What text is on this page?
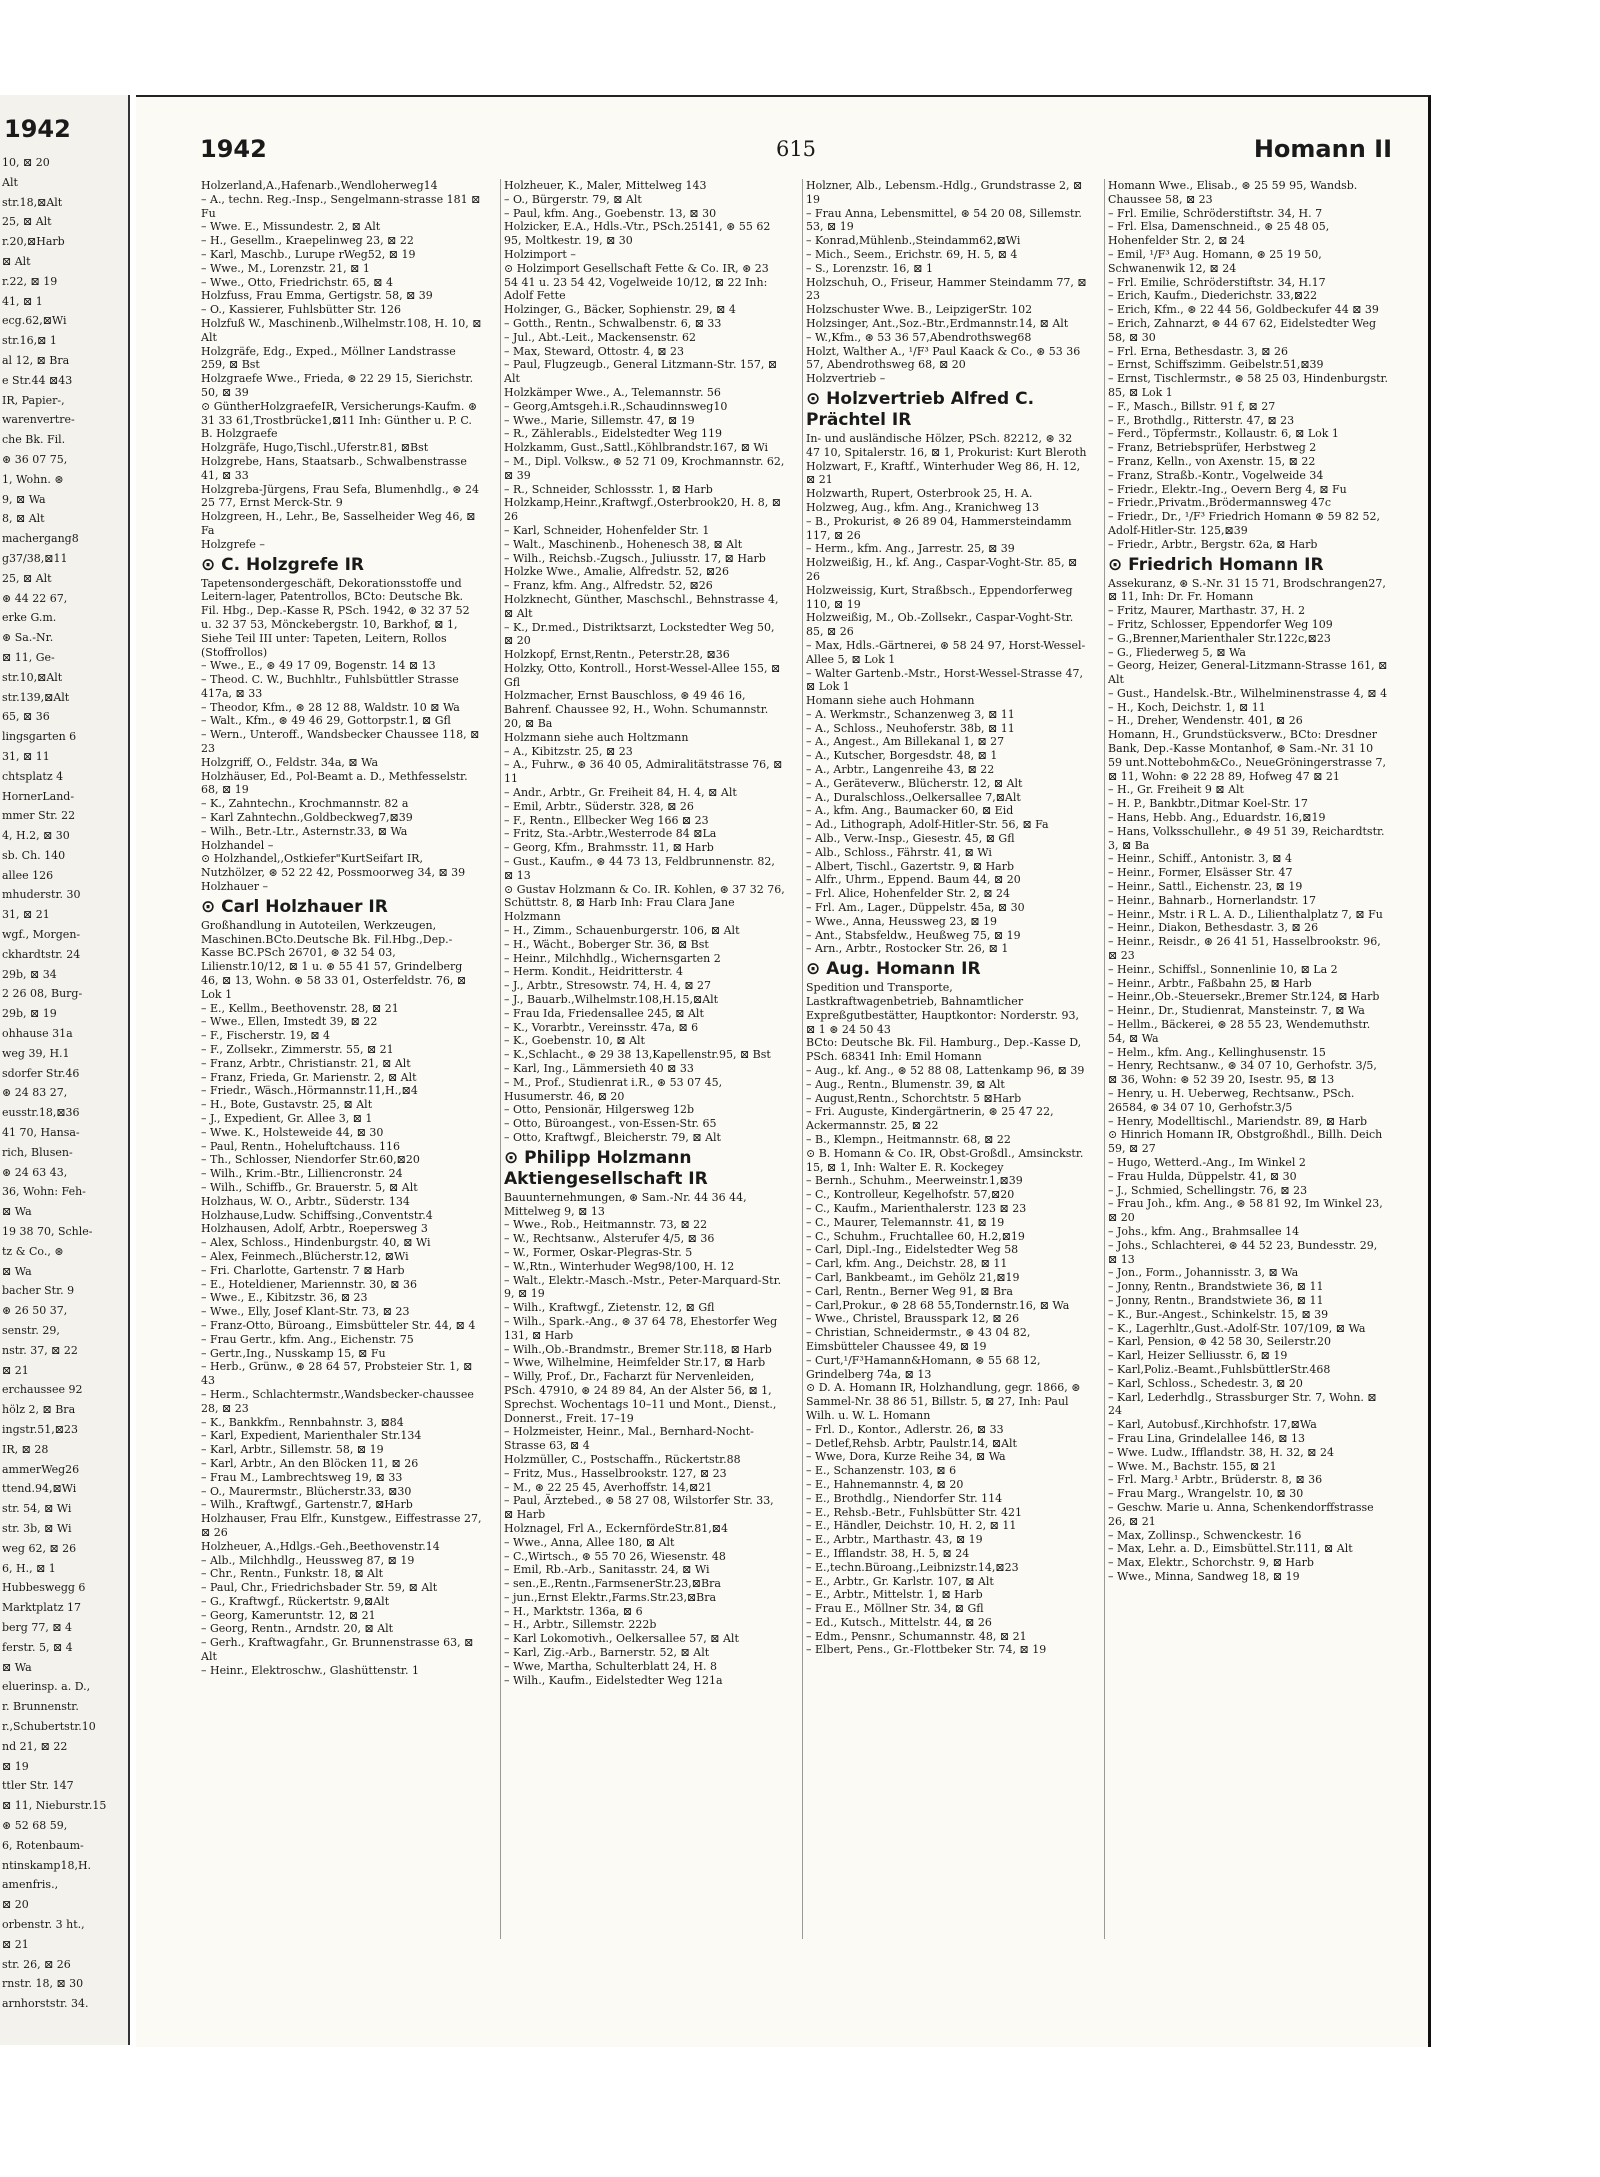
1942
10, ⊠ 20
Alt
str.18,⊠Alt
25, ⊠ Alt
r.20,⊠Harb
⊠ Alt
r.22, ⊠ 19
41, ⊠ 1
ecg.62,⊠Wi
str.16,⊠ 1
al 12, ⊠ Bra
e Str.44 ⊠43
IR, Papier-,
warenvertre-
che Bk. Fil.
⊛ 36 07 75,
1, Wohn. ⊛
9, ⊠ Wa
8, ⊠ Alt
machergang8
g37/38,⊠11
25, ⊠ Alt
⊛ 44 22 67,
erke G.m.
⊛ Sa.-Nr.
⊠ 11, Ge-
str.10,⊠Alt
str.139,⊠Alt
65, ⊠ 36
lingsgarten 6
31, ⊠ 11
chtsplatz 4
HornerLand-
mmer Str. 22
4, H.2, ⊠ 30
sb. Ch. 140
allee 126
mhuderstr. 30
31, ⊠ 21
wgf., Morgen-
ckhardtstr. 24
29b, ⊠ 34
2 26 08, Burg-
29b, ⊠ 19
ohhause 31a
weg 39, H.1
sdorfer Str.46
⊛ 24 83 27,
eusstr.18,⊠36
41 70, Hansa-
rich, Blusen-
⊛ 24 63 43,
36, Wohn: Feh-
⊠ Wa
19 38 70, Schle-
tz & Co., ⊛
⊠ Wa
bacher Str. 9
⊛ 26 50 37,
senstr. 29,
nstr. 37, ⊠ 22
⊠ 21
erchaussee 92
hölz 2, ⊠ Bra
ingstr.51,⊠23
IR, ⊠ 28
ammerWeg26
ttend.94,⊠Wi
str. 54, ⊠ Wi
str. 3b, ⊠ Wi
weg 62, ⊠ 26
6, H., ⊠ 1
Hubbeswegg 6
Marktplatz 17
berg 77, ⊠ 4
ferstr. 5, ⊠ 4
⊠ Wa
eluerinsp. a. D.,
r. Brunnenstr.
r.,Schubertstr.10
nd 21, ⊠ 22
⊠ 19
ttler Str. 147
⊠ 11, Nieburstr.15
⊛ 52 68 59,
6, Rotenbaum-
ntinskamp18,H.
amenfris.,
⊠ 20
orbenstr. 3 ht.,
⊠ 21
str. 26, ⊠ 26
rnstr. 18, ⊠ 30
arnhorststr. 34.
1942	615	Homann II
Holzerland,A.,Hafenarb.,Wendloherweg14
– A., techn. Reg.-Insp., Sengelmann-strasse 181 ⊠ Fu
– Wwe. E., Missundestr. 2, ⊠ Alt
– H., Gesellm., Kraepelinweg 23, ⊠ 22
– Karl, Maschb., Lurupe rWeg52, ⊠ 19
– Wwe., M., Lorenzstr. 21, ⊠ 1
– Wwe., Otto, Friedrichstr. 65, ⊠ 4
Holzfuss, Frau Emma, Gertigstr. 58, ⊠ 39
– O., Kassierer, Fuhlsbütter Str. 126
Holzfuß W., Maschinenb.,Wilhelmstr.108, H. 10, ⊠ Alt
Holzgräfe, Edg., Exped., Möllner Landstrasse 259, ⊠ Bst
Holzgraefe Wwe., Frieda, ⊛ 22 29 15, Sierichstr. 50, ⊠ 39
⊙ GüntherHolzgraefeIR, Versicherungs-Kaufm. ⊛ 31 33 61,Trostbrücke1,⊠11 Inh: Günther u. P. C. B. Holzgraefe
Holzgräfe, Hugo,Tischl.,Uferstr.81, ⊠Bst
Holzgrebe, Hans, Staatsarb., Schwalbenstrasse 41, ⊠ 33
Holzgreba-Jürgens, Frau Sefa, Blumenhdlg., ⊛ 24 25 77, Ernst Merck-Str. 9
Holzgreen, H., Lehr., Be, Sasselheider Weg 46, ⊠ Fa
Holzgrefe –
⊙ C. Holzgrefe IR
Tapetensondergeschäft, Dekorationsstoffe und Leitern-lager, Patentrollos, BCto: Deutsche Bk. Fil. Hbg., Dep.-Kasse R, PSch. 1942, ⊛ 32 37 52 u. 32 37 53, Mönckebergstr. 10, Barkhof, ⊠ 1, Siehe Teil III unter: Tapeten, Leitern, Rollos (Stoffrollos)
– Wwe., E., ⊛ 49 17 09, Bogenstr. 14 ⊠ 13
– Theod. C. W., Buchhltr., Fuhlsbüttler Strasse 417a, ⊠ 33
– Theodor, Kfm., ⊛ 28 12 88, Waldstr. 10 ⊠ Wa
– Walt., Kfm., ⊛ 49 46 29, Gottorpstr.1, ⊠ Gfl
– Wern., Unteroff., Wandsbecker Chaussee 118, ⊠ 23
Holzgriff, O., Feldstr. 34a, ⊠ Wa
Holzhäuser, Ed., Pol-Beamt a. D., Methfesselstr. 68, ⊠ 19
– K., Zahntechn., Krochmannstr. 82 a
– Karl Zahntechn.,Goldbeckweg7,⊠39
– Wilh., Betr.-Ltr., Asternstr.33, ⊠ Wa
Holzhandel –
⊙ Holzhandel,,Ostkiefer"KurtSeifart IR, Nutzhölzer, ⊛ 52 22 42, Possmoorweg 34, ⊠ 39
Holzhauer –
⊙ Carl Holzhauer IR
Großhandlung in Autoteilen, Werkzeugen, Maschinen.BCto.Deutsche Bk. Fil.Hbg.,Dep.-Kasse BC.PSch 26701, ⊛ 32 54 03, Lilienstr.10/12, ⊠ 1 u. ⊛ 55 41 57, Grindelberg 46, ⊠ 13, Wohn. ⊛ 58 33 01, Osterfeldstr. 76, ⊠ Lok 1
– E., Kellm., Beethovenstr. 28, ⊠ 21
– Wwe., Ellen, Imstedt 39, ⊠ 22
– F., Fischerstr. 19, ⊠ 4
– F., Zollsekr., Zimmerstr. 55, ⊠ 21
– Franz, Arbtr., Christianstr. 21, ⊠ Alt
– Franz, Frieda, Gr. Marienstr. 2, ⊠ Alt
– Friedr., Wäsch.,Hörmannstr.11,H.,⊠4
– H., Bote, Gustavstr. 25, ⊠ Alt
– J., Expedient, Gr. Allee 3, ⊠ 1
– Wwe. K., Holsteweide 44, ⊠ 30
– Paul, Rentn., Hoheluftchauss. 116
– Th., Schlosser, Niendorfer Str.60,⊠20
– Wilh., Krim.-Btr., Lilliencronstr. 24
– Wilh., Schiffb., Gr. Brauerstr. 5, ⊠ Alt
Holzhaus, W. O., Arbtr., Süderstr. 134
Holzhause,Ludw. Schiffsing.,Conventstr.4
Holzhausen, Adolf, Arbtr., Roepersweg 3
– Alex, Schloss., Hindenburgstr. 40, ⊠ Wi
– Alex, Feinmech.,Blücherstr.12, ⊠Wi
– Fri. Charlotte, Gartenstr. 7 ⊠ Harb
– E., Hoteldiener, Mariennstr. 30, ⊠ 36
– Wwe., E., Kibitzstr. 36, ⊠ 23
– Wwe., Elly, Josef Klant-Str. 73, ⊠ 23
– Franz-Otto, Büroang., Eimsbütteler Str. 44, ⊠ 4
– Frau Gertr., kfm. Ang., Eichenstr. 75
– Gertr.,Ing., Nusskamp 15, ⊠ Fu
– Herb., Grünw., ⊛ 28 64 57, Probsteier Str. 1, ⊠ 43
– Herm., Schlachtermstr.,Wandsbecker-chaussee 28, ⊠ 23
– K., Bankkfm., Rennbahnstr. 3, ⊠84
– Karl, Expedient, Marienthaler Str.134
– Karl, Arbtr., Sillemstr. 58, ⊠ 19
– Karl, Arbtr., An den Blöcken 11, ⊠ 26
– Frau M., Lambrechtsweg 19, ⊠ 33
– O., Maurermstr., Blücherstr.33, ⊠30
– Wilh., Kraftwgf., Gartenstr.7, ⊠Harb
Holzhauser, Frau Elfr., Kunstgew., Eiffestrasse 27, ⊠ 26
Holzheuer, A.,Hdlgs.-Geh.,Beethovenstr.14
– Alb., Milchhdlg., Heussweg 87, ⊠ 19
– Chr., Rentn., Funkstr. 18, ⊠ Alt
– Paul, Chr., Friedrichsbader Str. 59, ⊠ Alt
– G., Kraftwgf., Rückertstr. 9,⊠Alt
– Georg, Kameruntstr. 12, ⊠ 21
– Georg, Rentn., Arndstr. 20, ⊠ Alt
– Gerh., Kraftwagfahr., Gr. Brunnenstrasse 63, ⊠ Alt
– Heinr., Elektroschw., Glashüttenstr. 1
Holzheuer, K., Maler, Mittelweg 143
– O., Bürgerstr. 79, ⊠ Alt
– Paul, kfm. Ang., Goebenstr. 13, ⊠ 30
Holzicker, E.A., Hdls.-Vtr., PSch.25141, ⊛ 55 62 95, Moltkestr. 19, ⊠ 30
Holzimport –
⊙ Holzimport Gesellschaft Fette & Co. IR, ⊛ 23 54 41 u. 23 54 42, Vogelweide 10/12, ⊠ 22 Inh: Adolf Fette
Holzinger, G., Bäcker, Sophienstr. 29, ⊠ 4
– Gotth., Rentn., Schwalbenstr. 6, ⊠ 33
– Jul., Abt.-Leit., Mackensenstr. 62
– Max, Steward, Ottostr. 4, ⊠ 23
– Paul, Flugzeugb., General Litzmann-Str. 157, ⊠ Alt
Holzkämper Wwe., A., Telemannstr. 56
– Georg,Amtsgeh.i.R.,Schaudinnsweg10
– Wwe., Marie, Sillemstr. 47, ⊠ 19
– R., Zählerabls., Eidelstedter Weg 119
Holzkamm, Gust.,Sattl.,Köhlbrandstr.167, ⊠ Wi
– M., Dipl. Volksw., ⊛ 52 71 09, Krochmannstr. 62, ⊠ 39
– R., Schneider, Schlossstr. 1, ⊠ Harb
Holzkamp,Heinr.,Kraftwgf.,Osterbrook20, H. 8, ⊠ 26
– Karl, Schneider, Hohenfelder Str. 1
– Walt., Maschinenb., Hohenesch 38, ⊠ Alt
– Wilh., Reichsb.-Zugsch., Juliusstr. 17, ⊠ Harb
Holzke Wwe., Amalie, Alfredstr. 52, ⊠26
– Franz, kfm. Ang., Alfredstr. 52, ⊠26
Holzknecht, Günther, Maschschl., Behnstrasse 4, ⊠ Alt
– K., Dr.med., Distriktsarzt, Lockstedter Weg 50, ⊠ 20
Holzkopf, Ernst,Rentn., Peterstr.28, ⊠36
Holzky, Otto, Kontroll., Horst-Wessel-Allee 155, ⊠ Gfl
Holzmacher, Ernst Bauschloss, ⊛ 49 46 16, Bahrenf. Chaussee 92, H., Wohn. Schumannstr. 20, ⊠ Ba
Holzmann siehe auch Holtzmann
– A., Kibitzstr. 25, ⊠ 23
– A., Fuhrw., ⊛ 36 40 05, Admiralitätstrasse 76, ⊠ 11
– Andr., Arbtr., Gr. Freiheit 84, H. 4, ⊠ Alt
– Emil, Arbtr., Süderstr. 328, ⊠ 26
– F., Rentn., Ellbecker Weg 166 ⊠ 23
– Fritz, Sta.-Arbtr.,Westerrode 84 ⊠La
– Georg, Kfm., Brahmsstr. 11, ⊠ Harb
– Gust., Kaufm., ⊛ 44 73 13, Feldbrunnenstr. 82, ⊠ 13
⊙ Gustav Holzmann & Co. IR. Kohlen, ⊛ 37 32 76, Schüttstr. 8, ⊠ Harb Inh: Frau Clara Jane Holzmann
– H., Zimm., Schauenburgerstr. 106, ⊠ Alt
– H., Wächt., Boberger Str. 36, ⊠ Bst
– Heinr., Milchhdlg., Wichernsgarten 2
– Herm. Kondit., Heidritterstr. 4
– J., Arbtr., Stresowstr. 74, H. 4, ⊠ 27
– J., Bauarb.,Wilhelmstr.108,H.15,⊠Alt
– Frau Ida, Friedensallee 245, ⊠ Alt
– K., Vorarbtr., Vereinsstr. 47a, ⊠ 6
– K., Goebenstr. 10, ⊠ Alt
– K.,Schlacht., ⊛ 29 38 13,Kapellenstr.95, ⊠ Bst
– Karl, Ing., Lämmersieth 40 ⊠ 33
– M., Prof., Studienrat i.R., ⊛ 53 07 45, Husumerstr. 46, ⊠ 20
– Otto, Pensionär, Hilgersweg 12b
– Otto, Büroangest., von-Essen-Str. 65
– Otto, Kraftwgf., Bleicherstr. 79, ⊠ Alt
⊙ Philipp Holzmann Aktiengesellschaft IR
Bauunternehmungen, ⊛ Sam.-Nr. 44 36 44, Mittelweg 9, ⊠ 13
– Wwe., Rob., Heitmannstr. 73, ⊠ 22
– W., Rechtsanw., Alsterufer 4/5, ⊠ 36
– W., Former, Oskar-Plegras-Str. 5
– W.,Rtn., Winterhuder Weg98/100, H. 12
– Walt., Elektr.-Masch.-Mstr., Peter-Marquard-Str. 9, ⊠ 19
– Wilh., Kraftwgf., Zietenstr. 12, ⊠ Gfl
– Wilh., Spark.-Ang., ⊛ 37 64 78, Ehestorfer Weg 131, ⊠ Harb
– Wilh.,Ob.-Brandmstr., Bremer Str.118, ⊠ Harb
– Wwe, Wilhelmine, Heimfelder Str.17, ⊠ Harb
– Willy, Prof., Dr., Facharzt für Nervenleiden, PSch. 47910, ⊛ 24 89 84, An der Alster 56, ⊠ 1, Sprechst. Wochentags 10–11 und Mont., Dienst., Donnerst., Freit. 17–19
– Holzmeister, Heinr., Mal., Bernhard-Nocht-Strasse 63, ⊠ 4
Holzmüller, C., Postschaffn., Rückertstr.88
– Fritz, Mus., Hasselbrookstr. 127, ⊠ 23
– M., ⊛ 22 25 45, Averhoffstr. 14,⊠21
– Paul, Ärztebed., ⊛ 58 27 08, Wilstorfer Str. 33, ⊠ Harb
Holznagel, Frl A., EckernfördeStr.81,⊠4
– Wwe., Anna, Allee 180, ⊠ Alt
– C.,Wirtsch., ⊛ 55 70 26, Wiesenstr. 48
– Emil, Rb.-Arb., Sanitasstr. 24, ⊠ Wi
– sen.,E.,Rentn.,FarmsenerStr.23,⊠Bra
– jun.,Ernst Elektr.,Farms.Str.23,⊠Bra
– H., Marktstr. 136a, ⊠ 6
– H., Arbtr., Sillemstr. 222b
– Karl Lokomotivh., Oelkersallee 57, ⊠ Alt
– Karl, Zig.-Arb., Barnerstr. 52, ⊠ Alt
– Wwe, Martha, Schulterblatt 24, H. 8
– Wilh., Kaufm., Eidelstedter Weg 121a
Holzner, Alb., Lebensm.-Hdlg., Grundstrasse 2, ⊠ 19
– Frau Anna, Lebensmittel, ⊛ 54 20 08, Sillemstr. 53, ⊠ 19
– Konrad,Mühlenb.,Steindamm62,⊠Wi
– Mich., Seem., Erichstr. 69, H. 5, ⊠ 4
– S., Lorenzstr. 16, ⊠ 1
Holzschuh, O., Friseur, Hammer Steindamm 77, ⊠ 23
Holzschuster Wwe. B., LeipzigerStr. 102
Holzsinger, Ant.,Soz.-Btr.,Erdmannstr.14, ⊠ Alt
– W.,Kfm., ⊛ 53 36 57,Abendrothsweg68
Holzt, Walther A., ¹/F³ Paul Kaack & Co., ⊛ 53 36 57, Abendrothsweg 68, ⊠ 20
Holzvertrieb –
⊙ Holzvertrieb Alfred C. Prächtel IR
In- und ausländische Hölzer, PSch. 82212, ⊛ 32 47 10, Spitalerstr. 16, ⊠ 1, Prokurist: Kurt Bleroth
Holzwart, F., Kraftf., Winterhuder Weg 86, H. 12, ⊠ 21
Holzwarth, Rupert, Osterbrook 25, H. A.
Holzweg, Aug., kfm. Ang., Kranichweg 13
– B., Prokurist, ⊛ 26 89 04, Hammersteindamm 117, ⊠ 26
– Herm., kfm. Ang., Jarrestr. 25, ⊠ 39
Holzweißig, H., kf. Ang., Caspar-Voght-Str. 85, ⊠ 26
Holzweissig, Kurt, Straßbsch., Eppendorferweg 110, ⊠ 19
Holzweißig, M., Ob.-Zollsekr., Caspar-Voght-Str. 85, ⊠ 26
– Max, Hdls.-Gärtnerei, ⊛ 58 24 97, Horst-Wessel-Allee 5, ⊠ Lok 1
– Walter Gartenb.-Mstr., Horst-Wessel-Strasse 47, ⊠ Lok 1
Homann siehe auch Hohmann
– A. Werkmstr., Schanzenweg 3, ⊠ 11
– A., Schloss., Neuhoferstr. 38b, ⊠ 11
– A., Angest., Am Billekanal 1, ⊠ 27
– A., Kutscher, Borgesdstr. 48, ⊠ 1
– A., Arbtr., Langenreihe 43, ⊠ 22
– A., Geräteverw., Blücherstr. 12, ⊠ Alt
– A., Duralschloss.,Oelkersallee 7,⊠Alt
– A., kfm. Ang., Baumacker 60, ⊠ Eid
– Ad., Lithograph, Adolf-Hitler-Str. 56, ⊠ Fa
– Alb., Verw.-Insp., Giesestr. 45, ⊠ Gfl
– Alb., Schloss., Fährstr. 41, ⊠ Wi
– Albert, Tischl., Gazertstr. 9, ⊠ Harb
– Alfr., Uhrm., Eppend. Baum 44, ⊠ 20
– Frl. Alice, Hohenfelder Str. 2, ⊠ 24
– Frl. Am., Lager., Düppelstr. 45a, ⊠ 30
– Wwe., Anna, Heussweg 23, ⊠ 19
– Ant., Stabsfeldw., Heußweg 75, ⊠ 19
– Arn., Arbtr., Rostocker Str. 26, ⊠ 1
⊙ Aug. Homann IR
Spedition und Transporte, Lastkraftwagenbetrieb, Bahnamtlicher Expreßgutbestätter, Hauptkontor: Norderstr. 93, ⊠ 1 ⊛ 24 50 43
BCto: Deutsche Bk. Fil. Hamburg., Dep.-Kasse D, PSch. 68341 Inh: Emil Homann
– Aug., kf. Ang., ⊛ 52 88 08, Lattenkamp 96, ⊠ 39
– Aug., Rentn., Blumenstr. 39, ⊠ Alt
– August,Rentn., Schorchtstr. 5 ⊠Harb
– Fri. Auguste, Kindergärtnerin, ⊛ 25 47 22, Ackermannstr. 25, ⊠ 22
– B., Klempn., Heitmannstr. 68, ⊠ 22
⊙ B. Homann & Co. IR, Obst-Großdl., Amsinckstr. 15, ⊠ 1, Inh: Walter E. R. Kockegey
– Bernh., Schuhm., Meerweinstr.1,⊠39
– C., Kontrolleur, Kegelhofstr. 57,⊠20
– C., Kaufm., Marienthalerstr. 123 ⊠ 23
– C., Maurer, Telemannstr. 41, ⊠ 19
– C., Schuhm., Fruchtallee 60, H.2,⊠19
– Carl, Dipl.-Ing., Eidelstedter Weg 58
– Carl, kfm. Ang., Deichstr. 28, ⊠ 11
– Carl, Bankbeamt., im Gehölz 21,⊠19
– Carl, Rentn., Berner Weg 91, ⊠ Bra
– Carl,Prokur., ⊛ 28 68 55,Tondernstr.16, ⊠ Wa
– Wwe., Christel, Brausspark 12, ⊠ 26
– Christian, Schneidermstr., ⊛ 43 04 82, Eimsbütteler Chaussee 49, ⊠ 19
– Curt,¹/F³Hamann&Homann, ⊛ 55 68 12, Grindelberg 74a, ⊠ 13
⊙ D. A. Homann IR, Holzhandlung, gegr. 1866, ⊛ Sammel-Nr. 38 86 51, Billstr. 5, ⊠ 27, Inh: Paul Wilh. u. W. L. Homann
– Frl. D., Kontor., Adlerstr. 26, ⊠ 33
– Detlef,Rehsb. Arbtr, Paulstr.14, ⊠Alt
– Wwe, Dora, Kurze Reihe 34, ⊠ Wa
– E., Schanzenstr. 103, ⊠ 6
– E., Hahnemannstr. 4, ⊠ 20
– E., Brothdlg., Niendorfer Str. 114
– E., Rehsb.-Betr., Fuhlsbütter Str. 421
– E., Händler, Deichstr. 10, H. 2, ⊠ 11
– E., Arbtr., Marthastr. 43, ⊠ 19
– E., Ifflandstr. 38, H. 5, ⊠ 24
– E.,techn.Büroang.,Leibnizstr.14,⊠23
– E., Arbtr., Gr. Karlstr. 107, ⊠ Alt
– E., Arbtr., Mittelstr. 1, ⊠ Harb
– Frau E., Möllner Str. 34, ⊠ Gfl
– Ed., Kutsch., Mittelstr. 44, ⊠ 26
– Edm., Pensnr., Schumannstr. 48, ⊠ 21
– Elbert, Pens., Gr.-Flottbeker Str. 74, ⊠ 19
Homann Wwe., Elisab., ⊛ 25 59 95, Wandsb. Chaussee 58, ⊠ 23
– Frl. Emilie, Schröderstiftstr. 34, H. 7
– Frl. Elsa, Damenschneid., ⊛ 25 48 05, Hohenfelder Str. 2, ⊠ 24
– Emil, ¹/F³ Aug. Homann, ⊛ 25 19 50, Schwanenwik 12, ⊠ 24
– Frl. Emilie, Schröderstiftstr. 34, H.17
– Erich, Kaufm., Diederichstr. 33,⊠22
– Erich, Kfm., ⊛ 22 44 56, Goldbeckufer 44 ⊠ 39
– Erich, Zahnarzt, ⊛ 44 67 62, Eidelstedter Weg 58, ⊠ 30
– Frl. Erna, Bethesdastr. 3, ⊠ 26
– Ernst, Schiffszimm. Geibelstr.51,⊠39
– Ernst, Tischlermstr., ⊛ 58 25 03, Hindenburgstr. 85, ⊠ Lok 1
– F., Masch., Billstr. 91 f, ⊠ 27
– F., Brothdlg., Ritterstr. 47, ⊠ 23
– Ferd., Töpfermstr., Kollaustr. 6, ⊠ Lok 1
– Franz, Betriebsprüfer, Herbstweg 2
– Franz, Kelln., von Axenstr. 15, ⊠ 22
– Franz, Straßb.-Kontr., Vogelweide 34
– Friedr., Elektr.-Ing., Oevern Berg 4, ⊠ Fu
– Friedr.,Privatm.,Brödermannsweg 47c
– Friedr., Dr., ¹/F³ Friedrich Homann ⊛ 59 82 52, Adolf-Hitler-Str. 125,⊠39
– Friedr., Arbtr., Bergstr. 62a, ⊠ Harb
⊙ Friedrich Homann IR
Assekuranz, ⊛ S.-Nr. 31 15 71, Brodschrangen27, ⊠ 11, Inh: Dr. Fr. Homann
– Fritz, Maurer, Marthastr. 37, H. 2
– Fritz, Schlosser, Eppendorfer Weg 109
– G.,Brenner,Marienthaler Str.122c,⊠23
– G., Fliederweg 5, ⊠ Wa
– Georg, Heizer, General-Litzmann-Strasse 161, ⊠ Alt
– Gust., Handelsk.-Btr., Wilhelminenstrasse 4, ⊠ 4
– H., Koch, Deichstr. 1, ⊠ 11
– H., Dreher, Wendenstr. 401, ⊠ 26
Homann, H., Grundstücksverw., BCto: Dresdner Bank, Dep.-Kasse Montanhof, ⊛ Sam.-Nr. 31 10 59 unt.Nottebohm&Co., NeueGröningerstrasse 7, ⊠ 11, Wohn: ⊛ 22 28 89, Hofweg 47 ⊠ 21
– H., Gr. Freiheit 9 ⊠ Alt
– H. P., Bankbtr.,Ditmar Koel-Str. 17
– Hans, Hebb. Ang., Eduardstr. 16,⊠19
– Hans, Volksschullehr., ⊛ 49 51 39, Reichardtstr. 3, ⊠ Ba
– Heinr., Schiff., Antonistr. 3, ⊠ 4
– Heinr., Former, Elsässer Str. 47
– Heinr., Sattl., Eichenstr. 23, ⊠ 19
– Heinr., Bahnarb., Hornerlandstr. 17
– Heinr., Mstr. i R L. A. D., Lilienthalplatz 7, ⊠ Fu
– Heinr., Diakon, Bethesdastr. 3, ⊠ 26
– Heinr., Reisdr., ⊛ 26 41 51, Hasselbrookstr. 96, ⊠ 23
– Heinr., Schiffsl., Sonnenlinie 10, ⊠ La 2
– Heinr., Arbtr., Faßbahn 25, ⊠ Harb
– Heinr.,Ob.-Steuersekr.,Bremer Str.124, ⊠ Harb
– Heinr., Dr., Studienrat, Mansteinstr. 7, ⊠ Wa
– Hellm., Bäckerei, ⊛ 28 55 23, Wendemuthstr. 54, ⊠ Wa
– Helm., kfm. Ang., Kellinghusenstr. 15
– Henry, Rechtsanw., ⊛ 34 07 10, Gerhofstr. 3/5, ⊠ 36, Wohn: ⊛ 52 39 20, Isestr. 95, ⊠ 13
– Henry, u. H. Ueberweg, Rechtsanw., PSch. 26584, ⊛ 34 07 10, Gerhofstr.3/5
– Henry, Modelltischl., Mariendstr. 89, ⊠ Harb
⊙ Hinrich Homann IR, Obstgroßhdl., Billh. Deich 59, ⊠ 27
– Hugo, Wetterd.-Ang., Im Winkel 2
– Frau Hulda, Düppelstr. 41, ⊠ 30
– J., Schmied, Schellingstr. 76, ⊠ 23
– Frau Joh., kfm. Ang., ⊛ 58 81 92, Im Winkel 23, ⊠ 20
– Johs., kfm. Ang., Brahmsallee 14
– Johs., Schlachterei, ⊛ 44 52 23, Bundesstr. 29, ⊠ 13
– Jon., Form., Johannisstr. 3, ⊠ Wa
– Jonny, Rentn., Brandstwiete 36, ⊠ 11
– Jonny, Rentn., Brandstwiete 36, ⊠ 11
– K., Bur.-Angest., Schinkelstr. 15, ⊠ 39
– K., Lagerhltr.,Gust.-Adolf-Str. 107/109, ⊠ Wa
– Karl, Pension, ⊛ 42 58 30, Seilerstr.20
– Karl, Heizer Selliusstr. 6, ⊠ 19
– Karl,Poliz.-Beamt.,FuhlsbüttlerStr.468
– Karl, Schloss., Schedestr. 3, ⊠ 20
– Karl, Lederhdlg., Strassburger Str. 7, Wohn. ⊠ 24
– Karl, Autobusf.,Kirchhofstr. 17,⊠Wa
– Frau Lina, Grindelallee 146, ⊠ 13
– Wwe. Ludw., Ifflandstr. 38, H. 32, ⊠ 24
– Wwe. M., Bachstr. 155, ⊠ 21
– Frl. Marg.¹ Arbtr., Brüderstr. 8, ⊠ 36
– Frau Marg., Wrangelstr. 10, ⊠ 30
– Geschw. Marie u. Anna, Schenkendorffstrasse 26, ⊠ 21
– Max, Zollinsp., Schwenckestr. 16
– Max, Lehr. a. D., Eimsbüttel.Str.111, ⊠ Alt
– Max, Elektr., Schorchstr. 9, ⊠ Harb
– Wwe., Minna, Sandweg 18, ⊠ 19
